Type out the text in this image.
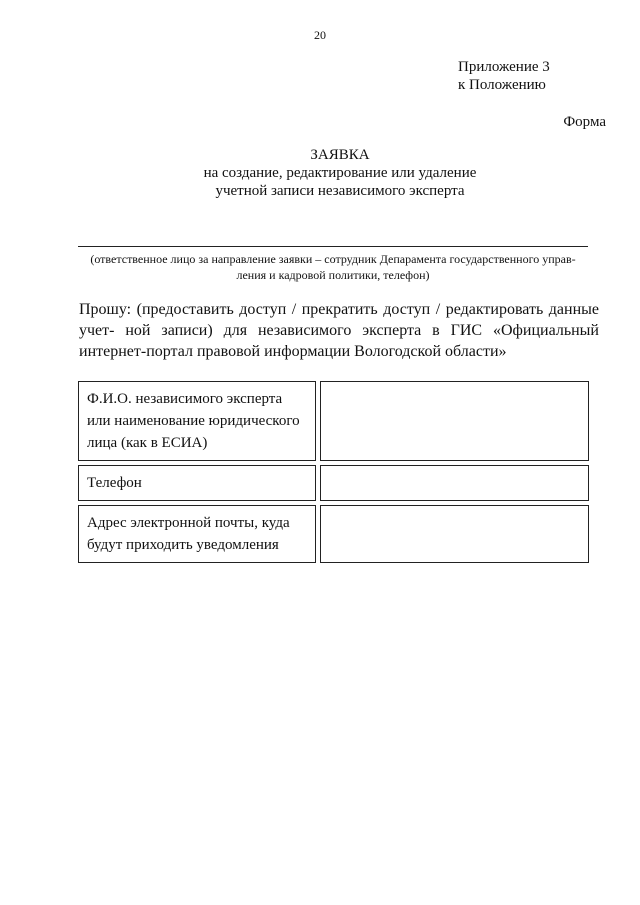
20
Приложение 3
к Положению
Форма
ЗАЯВКА
на создание, редактирование или удаление
учетной записи независимого эксперта
(ответственное лицо за направление заявки – сотрудник Депарамента государственного управ-
ления и кадровой политики, телефон)
Прошу: (предоставить доступ / прекратить доступ / редактировать данные учет- ной записи) для независимого эксперта в ГИС «Официальный интернет-портал правовой информации Вологодской области»
Ф.И.О. независимого эксперта или наименование юридического лица (как в ЕСИА)		
Телефон		
Адрес электронной почты, куда будут приходить уведомления		
